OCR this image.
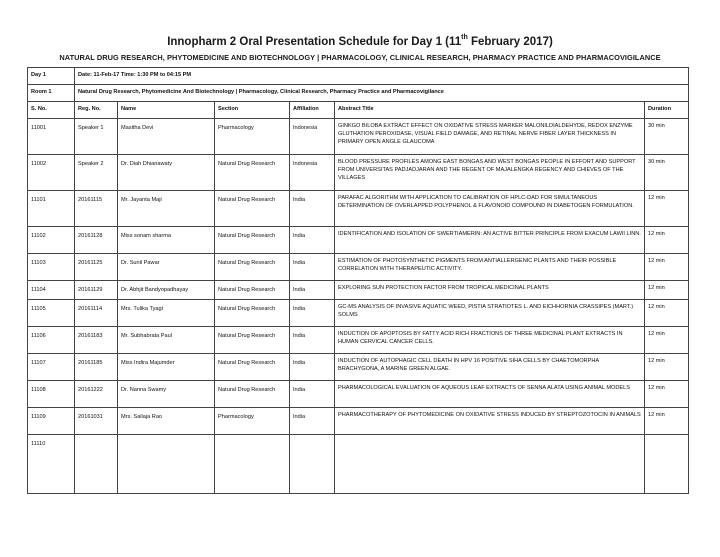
Innopharm 2 Oral Presentation Schedule for Day 1 (11th February 2017)
NATURAL DRUG RESEARCH, PHYTOMEDICINE AND BIOTECHNOLOGY | PHARMACOLOGY, CLINICAL RESEARCH, PHARMACY PRACTICE AND PHARMACOVIGILANCE
Day 1	Date: 11-Feb-17 Time: 1:30 PM to 04:15 PM					
Room 1	Natural Drug Research, Phytomedicine And Biotechnology | Pharmacology, Clinical Research, Pharmacy Practice and Pharmacovigilance					
S. No.	Reg. No.	Name	Section	Affiliation	Abstract Title	Duration
11001	Speaker 1	Masitha Devi	Pharmacology	Indonesia	GINKGO BILOBA EXTRACT EFFECT ON OXIDATIVE STRESS MARKER MALONILDIALDEHYDE, REDOX ENZYME GLUTHATION PEROXIDASE, VISUAL FIELD DAMAGE, AND RETINAL NERVE FIBER LAYER THICKNESS IN PRIMARY OPEN ANGLE GLAUCOMA	30 min
11002	Speaker 2	Dr. Diah Dhianawaty	Natural Drug Research	Indonesia	BLOOD PRESSURE PROFILES AMONG EAST BONGAS AND WEST BONGAS PEOPLE IN EFFORT AND SUPPORT FROM UNIVERSITAS PADJADJARAN AND THE REGENT OF MAJALENGKA REGENCY AND CHIEVES OF THE VILLAGES	30 min
11101	20161115	Mr. Jayanta Maji	Natural Drug Research	India	PARAFAC ALGORITHM WITH APPLICATION TO CALIBRATION OF HPLC-DAD FOR SIMULTANEOUS DETERMINATION OF OVERLAPPED POLYPHENOL & FLAVONOID COMPOUND IN DIABETOGEN FORMULATION.	12 min
11102	20161128	Miss sonam sharma	Natural Drug Research	India	IDENTIFICATION AND ISOLATION OF SWERTIAMERIN: AN ACTIVE BITTER PRINCIPLE FROM EXACUM LAWII LINN.	12 min
11103	20161125	Dr. Sunil Pawar	Natural Drug Research	India	ESTIMATION OF PHOTOSYNTHETIC PIGMENTS FROM ANTIALLERGENIC PLANTS AND THEIR POSSIBLE CORRELATION WITH THERAPEUTIC ACTIVITY.	12 min
11104	20161129	Dr. Abhjit Bandyopadhayay	Natural Drug Research	India	EXPLORING SUN PROTECTION FACTOR FROM TROPICAL MEDICINAL PLANTS	12 min
11105	20161114	Mrs. Tulika Tyagi	Natural Drug Research	India	GC-MS ANALYSIS OF INVASIVE AQUATIC WEED, PISTIA STRATIOTES L. AND EICHHORNIA CRASSIPES (MART.) SOLMS	12 min
11106	20161183	Mr. Subhabrata Paul	Natural Drug Research	India	INDUCTION OF APOPTOSIS BY FATTY ACID RICH FRACTIONS OF THREE MEDICINAL PLANT EXTRACTS IN HUMAN CERVICAL CANCER CELLS.	12 min
11107	20161185	Miss Indira Majumder	Natural Drug Research	India	INDUCTION OF AUTOPHAGIC CELL DEATH IN HPV 16 POSITIVE SIHA CELLS BY CHAETOMORPHA BRACHYGONA, A MARINE GREEN ALGAE.	12 min
11108	20161222	Dr. Nanna Swamy	Natural Drug Research	India	PHARMACOLOGICAL EVALUATION OF AQUEOUS LEAF EXTRACTS OF SENNA ALATA USING ANIMAL MODELS	12 min
11109	20161031	Mrs. Sailaja Rao	Pharmacology	India	PHARMACOTHERAPY OF PHYTOMEDICINE ON OXIDATIVE STRESS INDUCED BY STREPTOZOTOCIN IN ANIMALS	12 min
11110						
